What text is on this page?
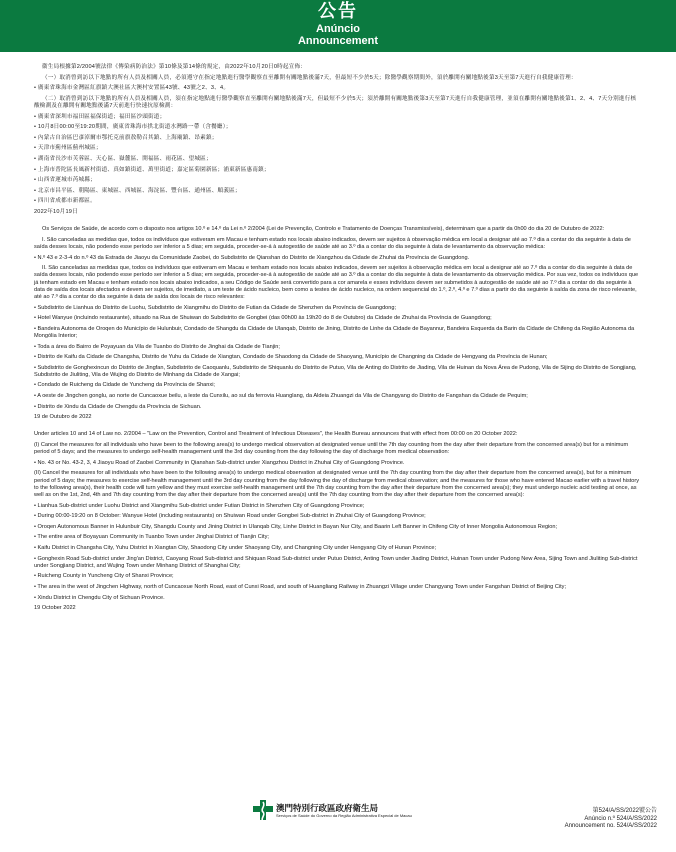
公告
Anúncio
Announcement

衞生局根據第2/2004號法律《傳染病防治法》第10條及第14條的規定，由2022年10月20日0時起宣佈：

（一）取消曾到訪以下地點的所有人員及相關人員，必須遵守在指定地點進行醫學觀察直至離開有關地點後滿7天，但最短不少於5天；除醫學觀察期間外，須於離開有關地點後第3天至第7天進行自我健康管理：

• 廣東省珠海市金灣區紅旗鎮大澳社區大澳村安置區43號、43號之2、3、4。

（二）取消曾到訪以下地點的所有人員及相關人員，須在指定地點進行醫學觀察直至離開有關地點後滿7天，但最短不少於5天；須於離開有關地點後第3天至第7天進行自我健康管理，並須在離開有關地點後第1、2、4、7天分別進行核酸檢測及在離開有關地點後滿7天前進行快速抗原檢測：

• 廣東省深圳市福田區福保街道；福田區沙頭街道；
• 10月8日00:00至19:20期間，廣東省珠海市拱北街道水灣路一帶（含餐廳）；
• 內蒙古自治區巴彥淖爾市鄂托克前旗敖勒召其鎮、上海廟鎮、昂素鎮；
• 天津市薊州區薊州城區；
• 湖南省長沙市芙蓉區、天心區、嶽麓區、開福區、雨花區、望城區；
• 上海市普陀區長風新村街道、真如鎮街道、萬里街道；嘉定區菊園新區；浦東新區惠南鎮；
• 山西省運城市芮城縣；
• 北京市昌平區、朝陽區、東城區、西城區、海淀區、豐台區、通州區、順義區；
• 四川省成都市新都區。
2022年10月19日

Os Serviços de Saúde, de acordo com o disposto nos artigos 10.º e 14.º da Lei n.º 2/2004 (Lei de Prevenção, Controlo e Tratamento de Doenças Transmissíveis), determinam que a partir da 0h00 do dia 20 de Outubro de 2022:

I. São canceladas as medidas que, todos os indivíduos que estiveram em Macau e tenham estado nos locais abaixo indicados, devem ser sujeitos à observação médica em local a designar até ao 7.º dia a contar do dia seguinte à data de saída desses locais, não podendo esse período ser inferior a 5 dias; em seguida, proceder-se-á à autogestão de saúde até ao 3.º dia a contar do dia seguinte à data de levantamento da observação médica:

• N.º 43 e 2-3-4 do n.º 43 da Estrada de Jiaoyu da Comunidade Zaobei, do Subdistrito de Qianshan do Distrito de Xiangzhou da Cidade de Zhuhai da Província de Guangdong.

II. São canceladas as medidas que, todos os indivíduos que estiveram em Macau e tenham estado nos locais abaixo indicados, devem ser sujeitos à observação médica em local a designar até ao 7.º dia a contar do dia seguinte à data de saída desses locais, não podendo esse período ser inferior a 5 dias; em seguida, proceder-se-á à autogestão de saúde até ao 3.º dia a contar do dia seguinte à data de levantamento da observação médica. Por sua vez, todos os indivíduos que já tenham estado em Macau e tenham estado nos locais abaixo indicados, a seu Código de Saúde será convertido para a cor amarela e esses indivíduos devem ser submetidos à autogestão de saúde até ao 7.º dia a contar do dia seguinte à data de saída dos locais afectados e devem ser sujeitos, de imediato, a um teste de ácido nucleico, bem como a testes de ácido nucleico, na ordem sequencial do 1.º, 2.º, 4.º e 7.º dias a partir do dia seguinte à saída da zona de risco relevante, até ao 7.º dia a contar do dia seguinte à data de saída dos locais de risco relevantes:

• Subdistrito de Lianhua do Distrito de Luohu, Subdistrito de Xiangmihu do Distrito de Futian da Cidade de Shenzhen da Província de Guangdong;
• Hotel Wanyue (incluindo restaurante), situado na Rua de Shuiwan do Subdistrito de Gongbei (das 00h00 às 19h20 do 8 de Outubro) da Cidade de Zhuhai da Província de Guangdong;
• Bandeira Autonoma de Oroqen do Município de Hulunbuir, Condado de Shangdu da Cidade de Ulanqab, Distrito de Jining, Distrito de Linhe da Cidade de Bayannur, Bandeira Esquerda da Barin da Cidade de Chifeng da Região Autonoma da Mongólia Interior;
• Toda a área do Bairro de Poyayuan da Vila de Tuanbo do Distrito de Jinghai da Cidade de Tianjin;
• Distrito de Kaifu da Cidade de Changsha, Distrito de Yuhu da Cidade de Xiangtan, Condado de Shaodong da Cidade de Shaoyang, Município de Changning da Cidade de Hengyang da Província de Hunan;
• Subdistrito de Gonghexincun do Distrito de Jingfan, Subdistrito de Caoquanlu, Subdistrito de Shiquanlu do Distrito de Putuo, Vila de Anting do Distrito de Jiading, Vila de Huinan da Nova Área de Pudong, Vila de Sijing do Distrito de Songjiang, Subdistrito de Jiuliting, Vila de Wujing do Distrito de Minhang da Cidade de Xangai;
• Condado de Ruicheng da Cidade de Yuncheng da Província de Shanxi;
• A oeste de Jingchen gonglu, ao norte de Cuncaoxue beilu, a leste da Cunxilu, ao sul da ferrovia Huanglang, da Aldeia Zhuangzi da Vila de Changyang do Distrito de Fangshan da Cidade de Pequim;
• Distrito de Xindu da Cidade de Chengdu da Província de Sichuan.
19 de Outubro de 2022

Under articles 10 and 14 of Law no. 2/2004 – "Law on the Prevention, Control and Treatment of Infectious Diseases", the Health Bureau announces that with effect from 00:00 on 20 October 2022:

(I) Cancel the measures for all individuals who have been to the following area(s) to undergo medical observation at designated venue until the 7th day counting from the day after their departure from the concerned area(s) but for a minimum period of 5 days; and the measures to undergo self-health management until the 3rd day counting from the day following the day of discharge from medical observation:

• No. 43 or No. 43-2, 3, 4 Jiaoyu Road of Zaobei Community in Qianshan Sub-district under Xiangzhou District in Zhuhai City of Guangdong Province.

(II) Cancel the measures for all individuals who have been to the following area(s) to undergo medical observation at designated venue until the 7th day counting from the day after their departure from the concerned area(s), but for a minimum period of 5 days; the measures to exercise self-health management until the 3rd day counting from the day following the day of discharge from medical observation; and the measures for those who have entered Macao earlier with a travel history to the following area(s), their health code will turn yellow and they must exercise self-health management until the 7th day counting from the day after their departure from the concerned area(s); they must undergo nucleic acid testing at once, as well as on the 1st, 2nd, 4th and 7th day counting from the day after their departure from the concerned area(s) until the 7th day counting from the day after their departure from the concerned area(s):

• Lianhua Sub-district under Luohu District and Xiangmihu Sub-district under Futian District in Shenzhen City of Guangdong Province;
• During 00:00-19:20 on 8 October: Wanyue Hotel (including restaurants) on Shuiwan Road under Gongbei Sub-district in Zhuhai City of Guangdong Province;
• Oroqen Autonomous Banner in Hulunbuir City, Shangdu County and Jining District in Ulanqab City, Linhe District in Bayan Nur City, and Baarin Left Banner in Chifeng City of Inner Mongolia Autonomous Region;
• The entire area of Boyayuan Community in Tuanbo Town under Jinghai District of Tianjin City;
• Kaifu District in Changsha City, Yuhu District in Xiangtan City, Shaodong City under Shaoyang City, and Changning City under Hengyang City of Hunan Province;
• Gonghexin Road Sub-district under Jing'an District, Caoyang Road Sub-district and Shiquan Road Sub-district under Putuo District, Anting Town under Jiading District, Huinan Town under Pudong New Area, Sijing Town and Jiuliting Sub-district under Songjiang District, and Wujing Town under Minhang District of Shanghai City;
• Ruicheng County in Yuncheng City of Shanxi Province;
• The area in the west of Jingchen Highway, north of Cuncaoxue North Road, east of Cunxi Road, and south of Huangliang Railway in Zhuangzi Village under Changyang Town under Fangshan District of Beijing City;
• Xindu District in Chengdu City of Sichuan Province.
19 October 2022
澳門特別行政區政府衛生局
Serviços de Saúde do Governo da Região Administrativa Especial de Macau
第524/A/SS/2022號公告
Anúncio n.º 524/A/SS/2022
Announcement no. 524/A/SS/2022
